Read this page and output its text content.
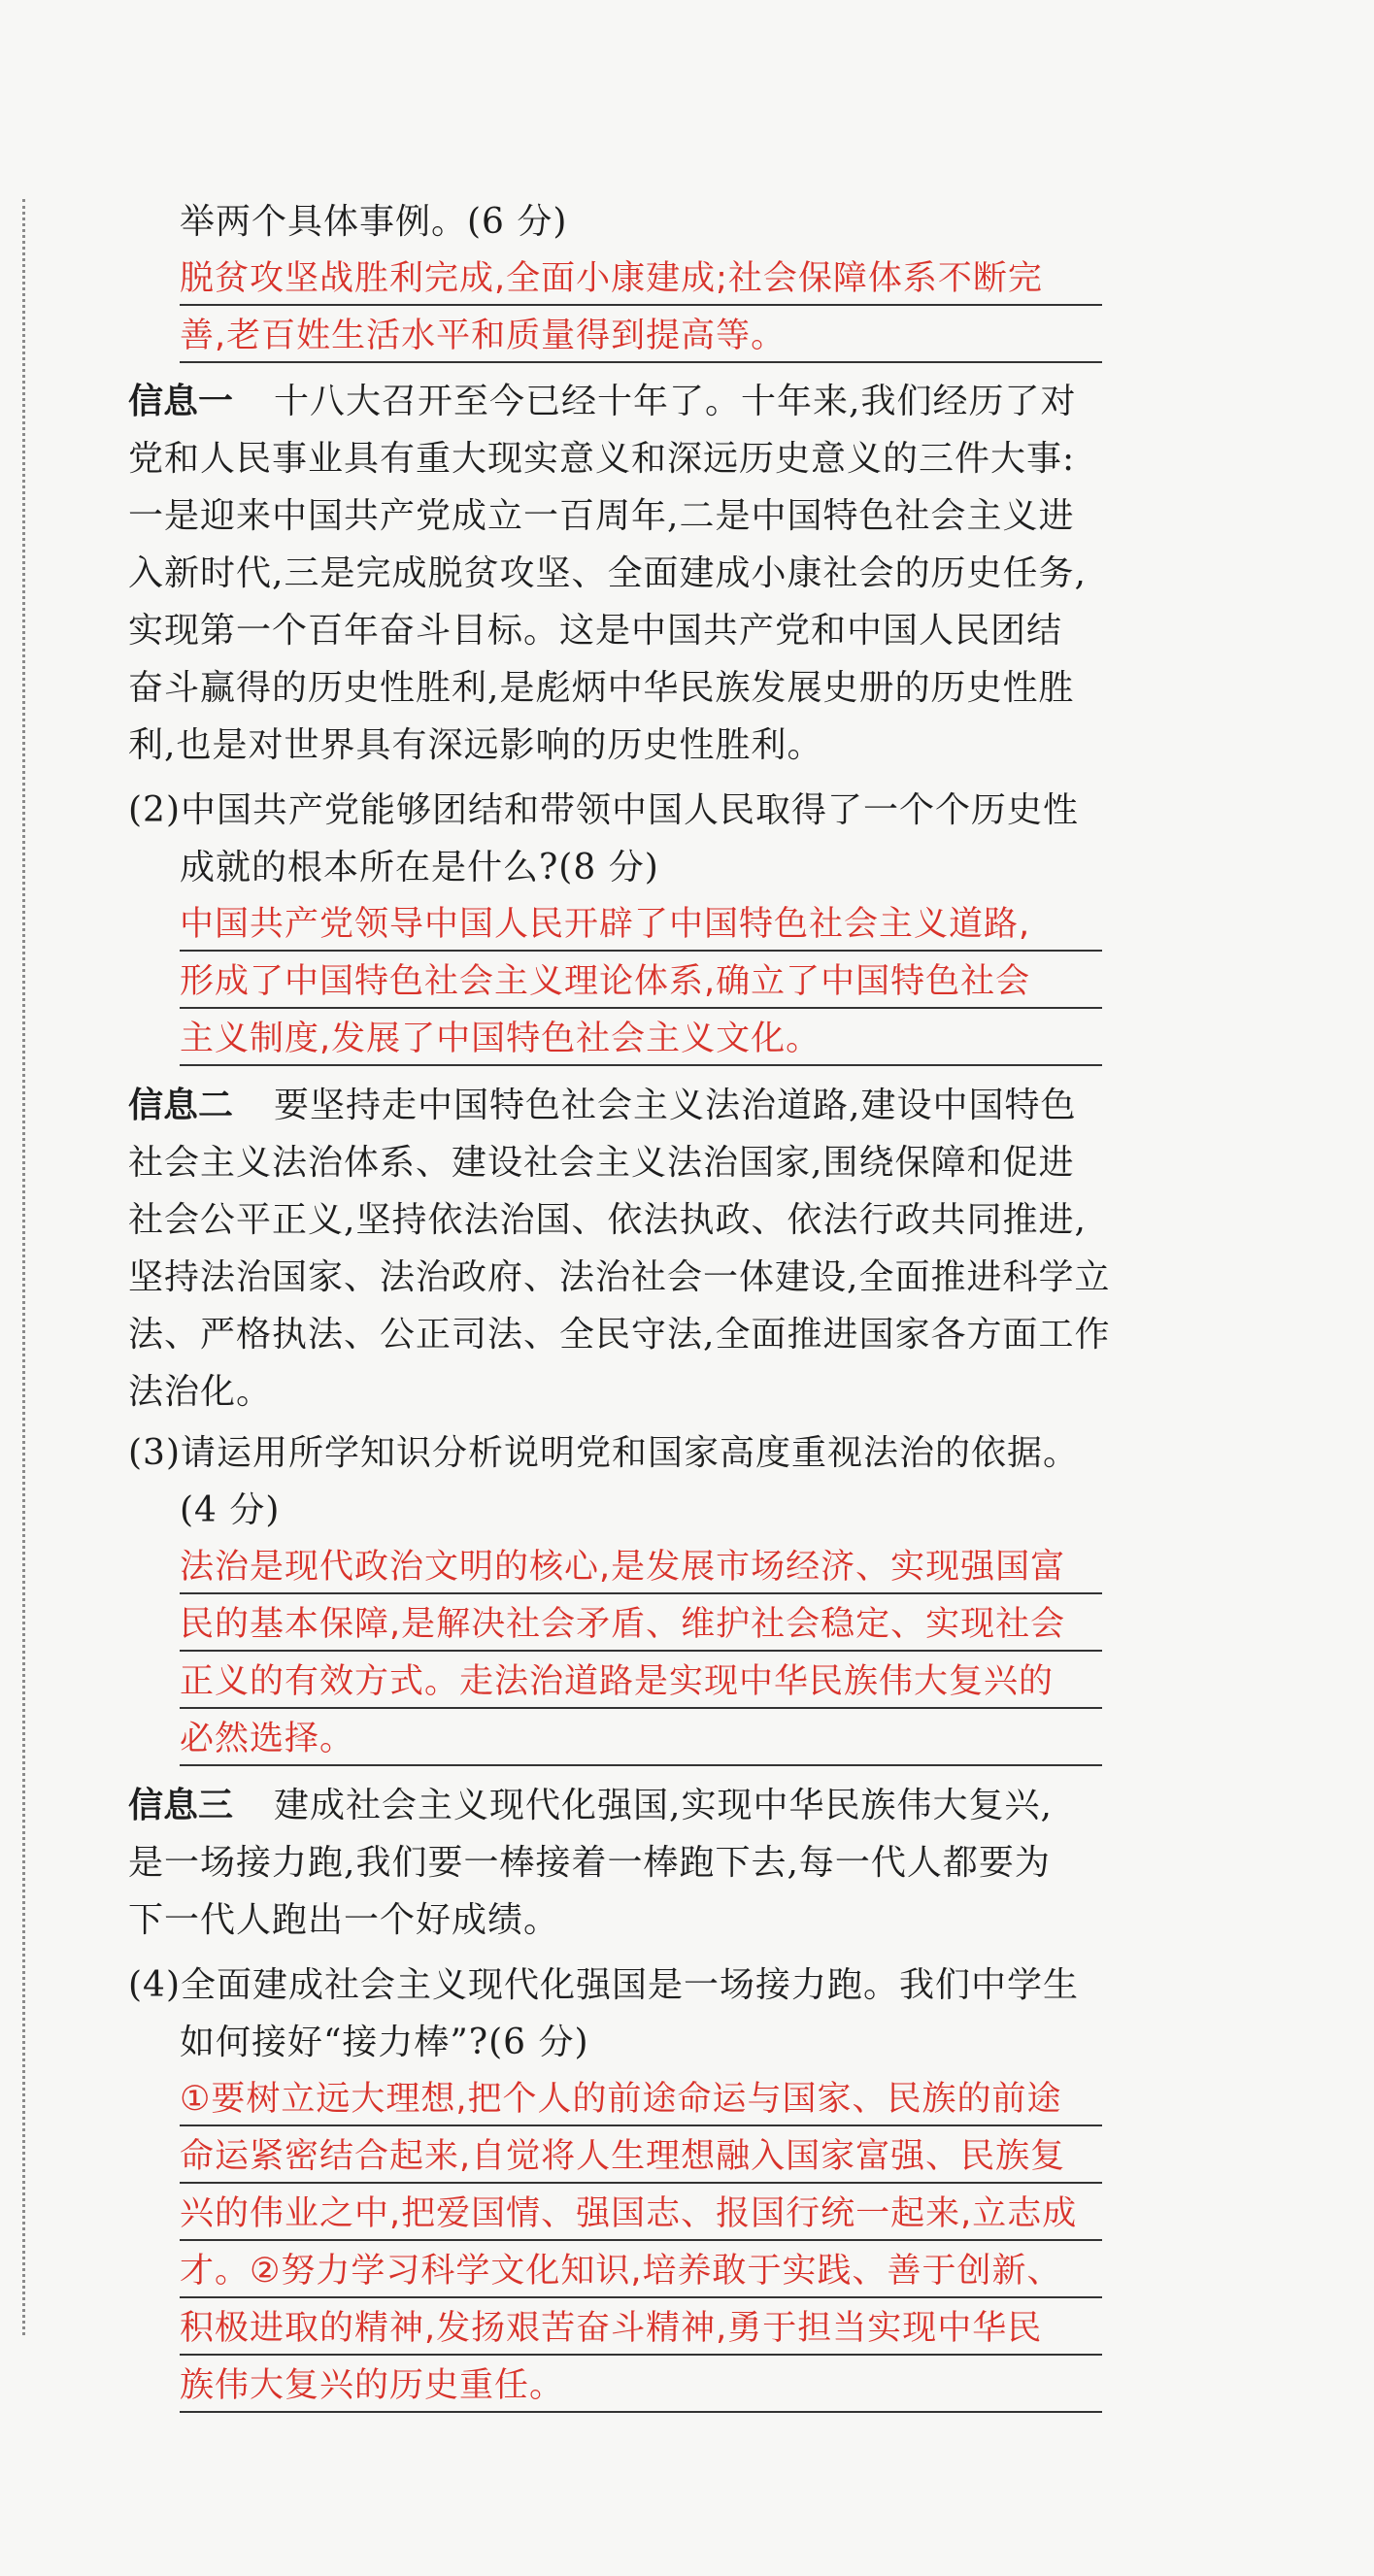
举两个具体事例。(6 分)
脱贫攻坚战胜利完成,全面小康建成;社会保障体系不断完
善,老百姓生活水平和质量得到提高等。
信息一 十八大召开至今已经十年了。十年来,我们经历了对
党和人民事业具有重大现实意义和深远历史意义的三件大事:
一是迎来中国共产党成立一百周年,二是中国特色社会主义进
入新时代,三是完成脱贫攻坚、全面建成小康社会的历史任务,
实现第一个百年奋斗目标。这是中国共产党和中国人民团结
奋斗赢得的历史性胜利,是彪炳中华民族发展史册的历史性胜
利,也是对世界具有深远影响的历史性胜利。
(2)中国共产党能够团结和带领中国人民取得了一个个历史性
成就的根本所在是什么?(8 分)
中国共产党领导中国人民开辟了中国特色社会主义道路,
形成了中国特色社会主义理论体系,确立了中国特色社会
主义制度,发展了中国特色社会主义文化。
信息二 要坚持走中国特色社会主义法治道路,建设中国特色
社会主义法治体系、建设社会主义法治国家,围绕保障和促进
社会公平正义,坚持依法治国、依法执政、依法行政共同推进,
坚持法治国家、法治政府、法治社会一体建设,全面推进科学立
法、严格执法、公正司法、全民守法,全面推进国家各方面工作
法治化。
(3)请运用所学知识分析说明党和国家高度重视法治的依据。
(4 分)
法治是现代政治文明的核心,是发展市场经济、实现强国富
民的基本保障,是解决社会矛盾、维护社会稳定、实现社会
正义的有效方式。走法治道路是实现中华民族伟大复兴的
必然选择。
信息三 建成社会主义现代化强国,实现中华民族伟大复兴,
是一场接力跑,我们要一棒接着一棒跑下去,每一代人都要为
下一代人跑出一个好成绩。
(4)全面建成社会主义现代化强国是一场接力跑。我们中学生
如何接好“接力棒”?(6 分)
①要树立远大理想,把个人的前途命运与国家、民族的前途
命运紧密结合起来,自觉将人生理想融入国家富强、民族复
兴的伟业之中,把爱国情、强国志、报国行统一起来,立志成
才。②努力学习科学文化知识,培养敢于实践、善于创新、
积极进取的精神,发扬艰苦奋斗精神,勇于担当实现中华民
族伟大复兴的历史重任。
